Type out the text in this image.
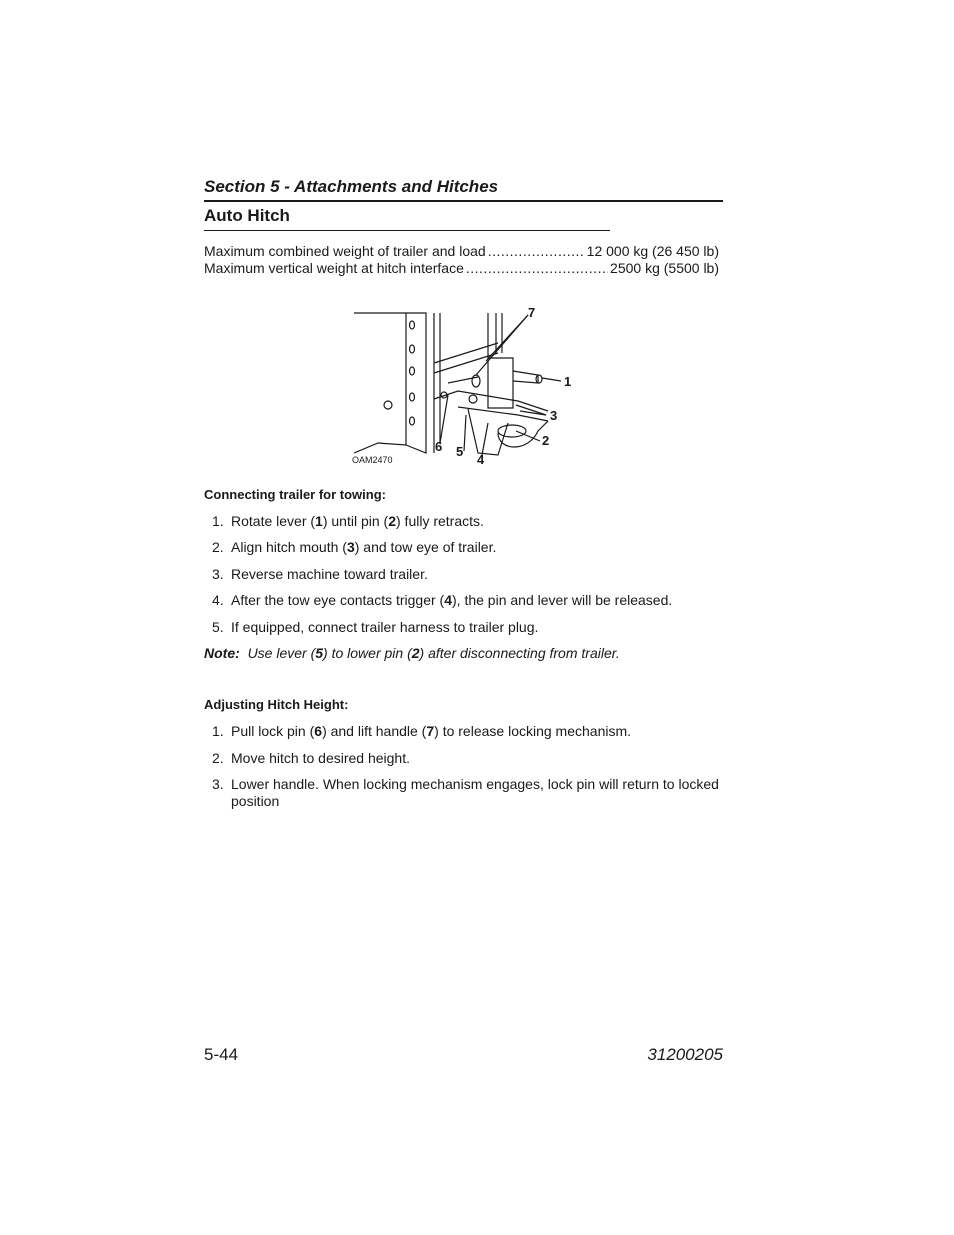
Section 5 - Attachments and Hitches
Auto Hitch
Maximum combined weight of trailer and load .....	12 000 kg (26 450 lb)
Maximum vertical weight at hitch interface .....	2500 kg (5500 lb)
7
1
3
2
6 5
4
OAM2470
Connecting trailer for towing:
1. Rotate lever (1) until pin (2) fully retracts.
2. Align hitch mouth (3) and tow eye of trailer.
3. Reverse machine toward trailer.
4. After the tow eye contacts trigger (4), the pin and lever will be released.
5. If equipped, connect trailer harness to trailer plug.
Note: Use lever (5) to lower pin (2) after disconnecting from trailer.
Adjusting Hitch Height:
1. Pull lock pin (6) and lift handle (7) to release locking mechanism.
2. Move hitch to desired height.
3. Lower handle. When locking mechanism engages, lock pin will return to locked position
5-44	31200205
